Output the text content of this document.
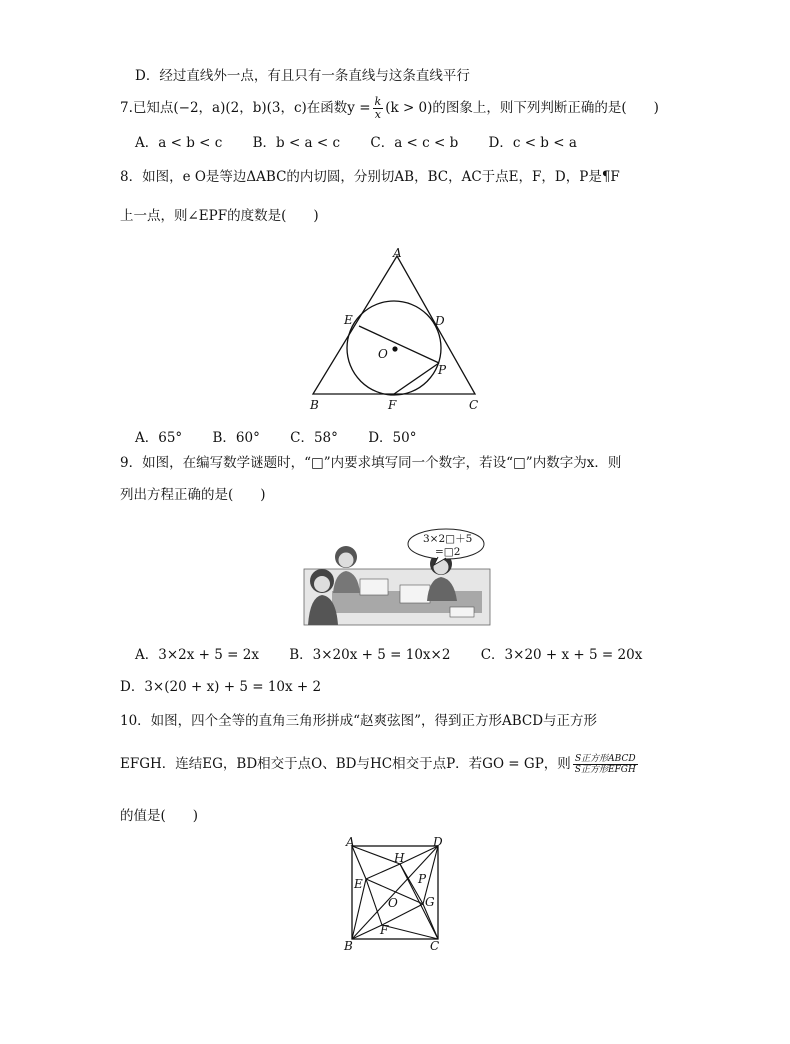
D．经过直线外一点，有且只有一条直线与这条直线平行
7.已知点(−2，a)(2，b)(3，c)在函数$y = \frac{k}{x} (k > 0)$的图象上，则下列判断正确的是(　　)
A．a < b < c B．b < a < c C．a < c < b D．c < b < a
8．如图，e O是等边ΔABC的内切圆，分别切AB，BC，AC于点E，F，D，P是¶F
上一点，则∠EPF的度数是(　　)
A
E	D
O
P
B	F	C
A．65° B．60° C．58° D．50°
9．如图，在编写数学谜题时，“□”内要求填写同一个数字，若设“□”内数字为x．则
列出方程正确的是(　　)
3×2□＋5
=□2
A．3×2x + 5 = 2x B．3×20x + 5 = 10x×2 C．3×20 + x + 5 = 20x
D．3×(20 + x) + 5 = 10x + 2
10．如图，四个全等的直角三角形拼成“赵爽弦图”，得到正方形ABCD与正方形
EFGH．连结EG，BD相交于点O、BD与HC相交于点P．若GO = GP，则 $\frac{\text{S正方形ABCD}}{\text{S正方形EFGH}}$
的值是(　　)
A	D
H
E	P
O G
F
B	C
